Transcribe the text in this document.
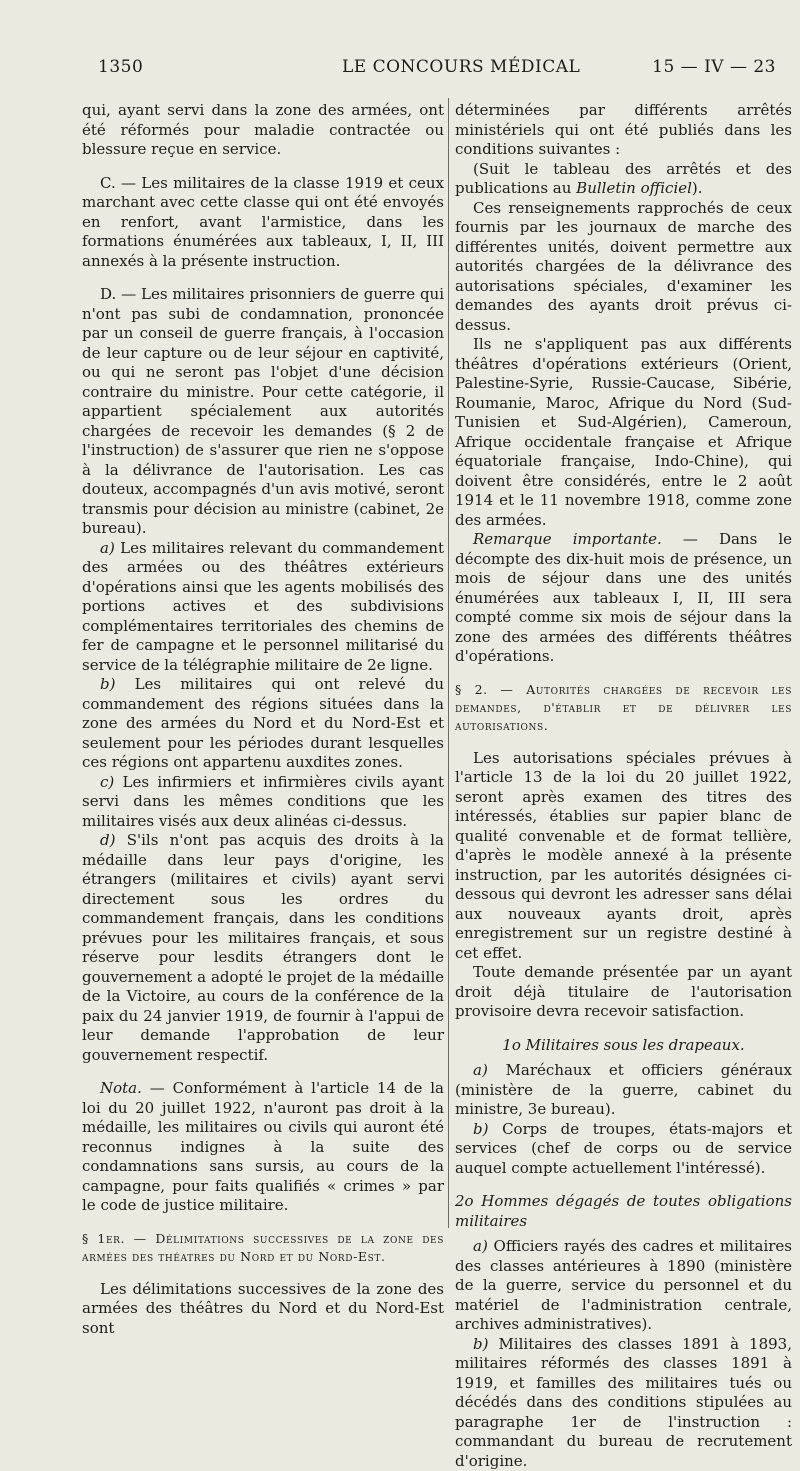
1350	LE CONCOURS MÉDICAL	15 — IV — 23

qui, ayant servi dans la zone des armées, ont été réformés pour maladie contractée ou blessure reçue en service.

C. — Les militaires de la classe 1919 et ceux marchant avec cette classe qui ont été envoyés en renfort, avant l'armistice, dans les formations énumérées aux tableaux, I, II, III annexés à la présente instruction.

D. — Les militaires prisonniers de guerre qui n'ont pas subi de condamnation, prononcée par un conseil de guerre français, à l'occasion de leur capture ou de leur séjour en captivité, ou qui ne seront pas l'objet d'une décision contraire du ministre. Pour cette catégorie, il appartient spécialement aux autorités chargées de recevoir les demandes (§ 2 de l'instruction) de s'assurer que rien ne s'oppose à la délivrance de l'autorisation. Les cas douteux, accompagnés d'un avis motivé, seront transmis pour décision au ministre (cabinet, 2e bureau).

a) Les militaires relevant du commandement des armées ou des théâtres extérieurs d'opérations ainsi que les agents mobilisés des portions actives et des subdivisions complémentaires territoriales des chemins de fer de campagne et le personnel militarisé du service de la télégraphie militaire de 2e ligne.

b) Les militaires qui ont relevé du commandement des régions situées dans la zone des armées du Nord et du Nord-Est et seulement pour les périodes durant lesquelles ces régions ont appartenu auxdites zones.

c) Les infirmiers et infirmières civils ayant servi dans les mêmes conditions que les militaires visés aux deux alinéas ci-dessus.

d) S'ils n'ont pas acquis des droits à la médaille dans leur pays d'origine, les étrangers (militaires et civils) ayant servi directement sous les ordres du commandement français, dans les conditions prévues pour les militaires français, et sous réserve pour lesdits étrangers dont le gouvernement a adopté le projet de la médaille de la Victoire, au cours de la conférence de la paix du 24 janvier 1919, de fournir à l'appui de leur demande l'approbation de leur gouvernement respectif.

Nota. — Conformément à l'article 14 de la loi du 20 juillet 1922, n'auront pas droit à la médaille, les militaires ou civils qui auront été reconnus indignes à la suite des condamnations sans sursis, au cours de la campagne, pour faits qualifiés « crimes » par le code de justice militaire.

§ 1er. — Délimitations successives de la zone des armées des théatres du Nord et du Nord-Est.

Les délimitations successives de la zone des armées des théâtres du Nord et du Nord-Est sont

déterminées par différents arrêtés ministériels qui ont été publiés dans les conditions suivantes :

(Suit le tableau des arrêtés et des publications au Bulletin officiel).

Ces renseignements rapprochés de ceux fournis par les journaux de marche des différentes unités, doivent permettre aux autorités chargées de la délivrance des autorisations spéciales, d'examiner les demandes des ayants droit prévus ci-dessus.

Ils ne s'appliquent pas aux différents théâtres d'opérations extérieurs (Orient, Palestine-Syrie, Russie-Caucase, Sibérie, Roumanie, Maroc, Afrique du Nord (Sud-Tunisien et Sud-Algérien), Cameroun, Afrique occidentale française et Afrique équatoriale française, Indo-Chine), qui doivent être considérés, entre le 2 août 1914 et le 11 novembre 1918, comme zone des armées.

Remarque importante. — Dans le décompte des dix-huit mois de présence, un mois de séjour dans une des unités énumérées aux tableaux I, II, III sera compté comme six mois de séjour dans la zone des armées des différents théâtres d'opérations.

§ 2. — Autorités chargées de recevoir les demandes, d'établir et de délivrer les autorisations.

Les autorisations spéciales prévues à l'article 13 de la loi du 20 juillet 1922, seront après examen des titres des intéressés, établies sur papier blanc de qualité convenable et de format tellière, d'après le modèle annexé à la présente instruction, par les autorités désignées ci-dessous qui devront les adresser sans délai aux nouveaux ayants droit, après enregistrement sur un registre destiné à cet effet.

Toute demande présentée par un ayant droit déjà titulaire de l'autorisation provisoire devra recevoir satisfaction.

1o Militaires sous les drapeaux.

a) Maréchaux et officiers généraux (ministère de la guerre, cabinet du ministre, 3e bureau).

b) Corps de troupes, états-majors et services (chef de corps ou de service auquel compte actuellement l'intéressé).

2o Hommes dégagés de toutes obligations militaires

a) Officiers rayés des cadres et militaires des classes antérieures à 1890 (ministère de la guerre, service du personnel et du matériel de l'administration centrale, archives administratives).

b) Militaires des classes 1891 à 1893, militaires réformés des classes 1891 à 1919, et familles des militaires tués ou décédés dans des conditions stipulées au paragraphe 1er de l'instruction : commandant du bureau de recrutement d'origine.
